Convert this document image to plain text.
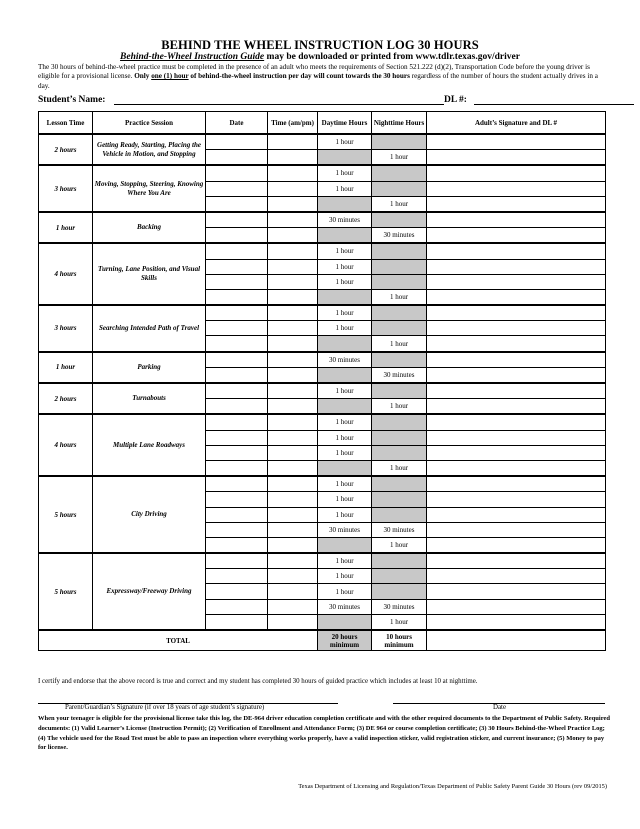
BEHIND THE WHEEL INSTRUCTION LOG 30 HOURS
Behind-the-Wheel Instruction Guide may be downloaded or printed from www.tdlr.texas.gov/driver
The 30 hours of behind-the-wheel practice must be completed in the presence of an adult who meets the requirements of Section 521.222 (d)(2), Transportation Code before the young driver is eligible for a provisional license. Only one (1) hour of behind-the-wheel instruction per day will count towards the 30 hours regardless of the number of hours the student actually drives in a day.
Student’s Name:	DL #:
Lesson Time	Practice Session	Date	Time (am/pm)	Daytime Hours	Nighttime Hours	Adult’s Signature and DL #
2 hours	Getting Ready, Starting, Placing the Vehicle in Motion, and Stopping			1 hour		
					1 hour	
3 hours	Moving, Stopping, Steering, Knowing Where You Are			1 hour		
				1 hour		
					1 hour	
1 hour	Backing			30 minutes		
					30 minutes	
4 hours	Turning, Lane Position, and Visual Skills			1 hour		
				1 hour		
				1 hour		
					1 hour	
3 hours	Searching Intended Path of Travel			1 hour		
				1 hour		
					1 hour	
1 hour	Parking			30 minutes		
					30 minutes	
2 hours	Turnabouts			1 hour		
					1 hour	
4 hours	Multiple Lane Roadways			1 hour		
				1 hour		
				1 hour		
					1 hour	
5 hours	City Driving			1 hour		
				1 hour		
				1 hour		
				30 minutes	30 minutes	
					1 hour	
5 hours	Expressway/Freeway Driving			1 hour		
				1 hour		
				1 hour		
				30 minutes	30 minutes	
					1 hour	
TOTAL				20 hours minimum	10 hours minimum	
I certify and endorse that the above record is true and correct and my student has completed 30 hours of guided practice which includes at least 10 at nighttime.
Parent/Guardian’s Signature (if over 18 years of age student’s signature)	Date
When your teenager is eligible for the provisional license take this log, the DE-964 driver education completion certificate and with the other required documents to the Department of Public Safety. Required documents: (1) Valid Learner’s License (Instruction Permit); (2) Verification of Enrollment and Attendance Form; (3) DE 964 or course completion certificate; (3) 30 Hours Behind-the-Wheel Practice Log; (4) The vehicle used for the Road Test must be able to pass an inspection where everything works properly, have a valid inspection sticker, valid registration sticker, and current insurance; (5) Money to pay for license.
Texas Department of Licensing and Regulation/Texas Department of Public Safety Parent Guide 30 Hours (rev 09/2015)
